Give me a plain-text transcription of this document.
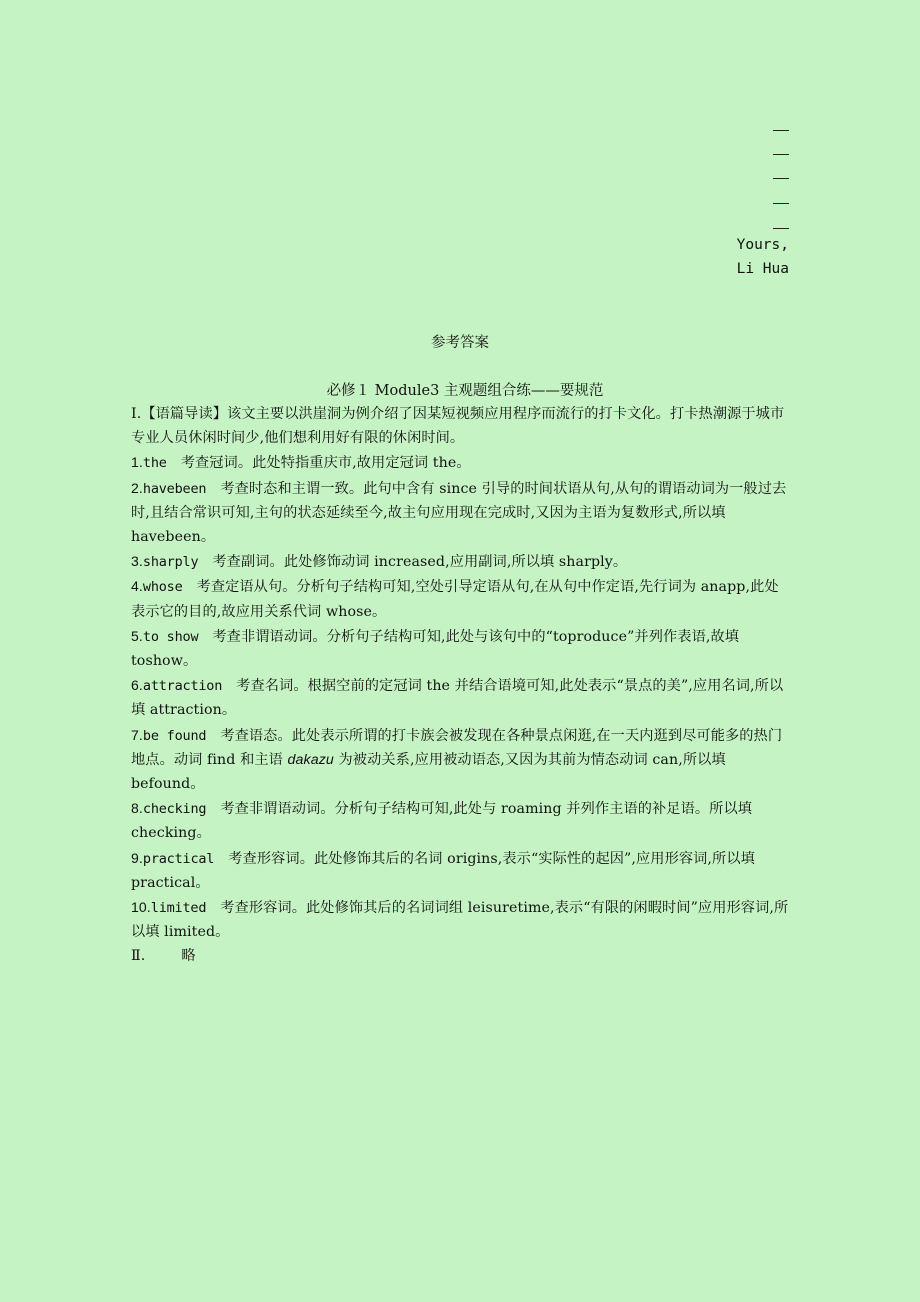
Yours,
Li Hua
参考答案
必修１ Module3 主观题组合练——要规范

Ⅰ.【语篇导读】该文主要以洪崖洞为例介绍了因某短视频应用程序而流行的打卡文化。打卡热潮源于城市专业人员休闲时间少,他们想利用好有限的休闲时间。

1.the 考查冠词。此处特指重庆市,故用定冠词 the。

2.havebeen 考查时态和主谓一致。此句中含有 since 引导的时间状语从句,从句的谓语动词为一般过去时,且结合常识可知,主句的状态延续至今,故主句应用现在完成时,又因为主语为复数形式,所以填 havebeen。

3.sharply 考查副词。此处修饰动词 increased,应用副词,所以填 sharply。

4.whose 考查定语从句。分析句子结构可知,空处引导定语从句,在从句中作定语,先行词为 anapp,此处表示它的目的,故应用关系代词 whose。

5.to show 考查非谓语动词。分析句子结构可知,此处与该句中的“toproduce”并列作表语,故填 toshow。

6.attraction 考查名词。根据空前的定冠词 the 并结合语境可知,此处表示“景点的美”,应用名词,所以填 attraction。

7.be found 考查语态。此处表示所谓的打卡族会被发现在各种景点闲逛,在一天内逛到尽可能多的热门地点。动词 find 和主语 dakazu 为被动关系,应用被动语态,又因为其前为情态动词 can,所以填 befound。

8.checking 考查非谓语动词。分析句子结构可知,此处与 roaming 并列作主语的补足语。所以填 checking。

9.practical 考查形容词。此处修饰其后的名词 origins,表示“实际性的起因”,应用形容词,所以填 practical。

10.limited 考查形容词。此处修饰其后的名词词组 leisuretime,表示“有限的闲暇时间”应用形容词,所以填 limited。

Ⅱ.	略
